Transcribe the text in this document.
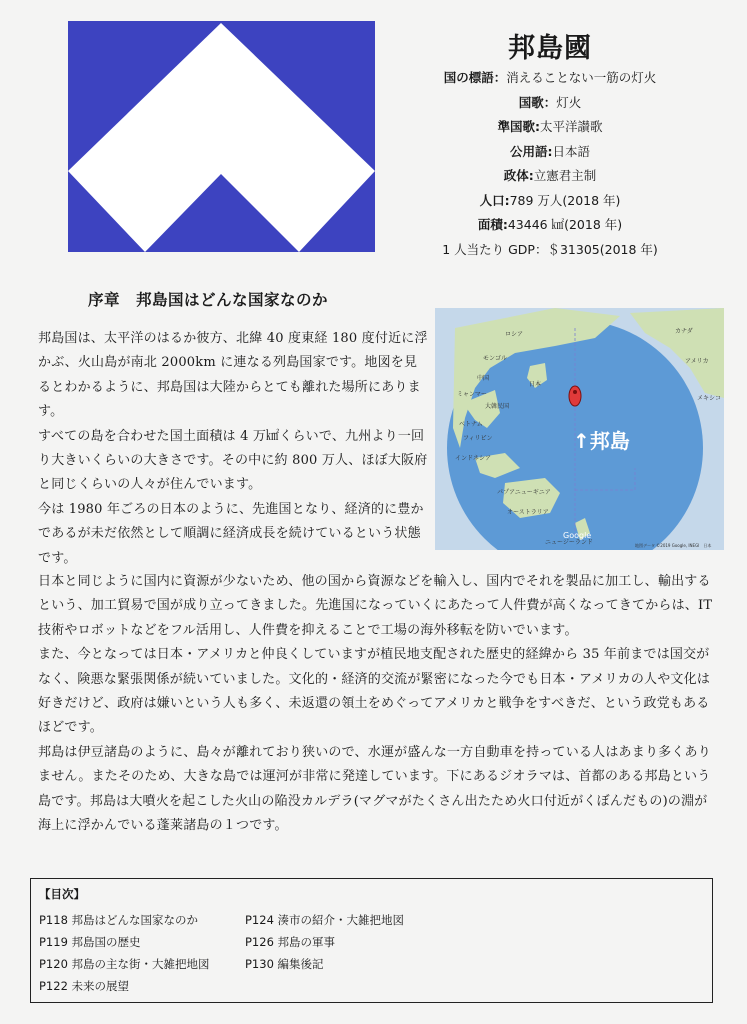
邦島國
国の標語：消えることない一筋の灯火
国歌：灯火
準国歌:太平洋讃歌
公用語:日本語
政体:立憲君主制
人口:789 万人(2018 年)
面積:43446 ㎢(2018 年)
1 人当たり GDP：＄31305(2018 年)
序章　邦島国はどんな国家なのか
ロシア
モンゴル
中国
ミャンマー
ベトナム
フィリピン
インドネシア
パプアニューギニア
オーストラリア
ニュージーランド
カナダ
アメリカ
メキシコ
日本
大韓民国
↑邦島
Google
地図データ ©2019 Google, INEGI　日本

邦島国は、太平洋のはるか彼方、北緯 40 度東経 180 度付近に浮かぶ、火山島が南北 2000km に連なる列島国家です。地図を見るとわかるように、邦島国は大陸からとても離れた場所にあります。

すべての島を合わせた国土面積は 4 万㎢くらいで、九州より一回り大きいくらいの大きさです。その中に約 800 万人、ほぼ大阪府と同じくらいの人々が住んでいます。

今は 1980 年ごろの日本のように、先進国となり、経済的に豊かであるが未だ依然として順調に経済成長を続けているという状態です。

日本と同じように国内に資源が少ないため、他の国から資源などを輸入し、国内でそれを製品に加工し、輸出するという、加工貿易で国が成り立ってきました。先進国になっていくにあたって人件費が高くなってきてからは、IT 技術やロボットなどをフル活用し、人件費を抑えることで工場の海外移転を防いでいます。

また、今となっては日本・アメリカと仲良くしていますが植民地支配された歴史的経緯から 35 年前までは国交がなく、険悪な緊張関係が続いていました。文化的・経済的交流が緊密になった今でも日本・アメリカの人や文化は好きだけど、政府は嫌いという人も多く、未返還の領土をめぐってアメリカと戦争をすべきだ、という政党もあるほどです。

邦島は伊豆諸島のように、島々が離れており狭いので、水運が盛んな一方自動車を持っている人はあまり多くありません。またそのため、大きな島では運河が非常に発達しています。下にあるジオラマは、首都のある邦島という島です。邦島は大噴火を起こした火山の陥没カルデラ(マグマがたくさん出たため火口付近がくぼんだもの)の淵が海上に浮かんでいる蓬莱諸島の１つです。

【目次】
P118 邦島はどんな国家なのか
P119 邦島国の歴史
P120 邦島の主な街・大雑把地図
P122 未来の展望
P124 湊市の紹介・大雑把地図
P126 邦島の軍事
P130 編集後記
